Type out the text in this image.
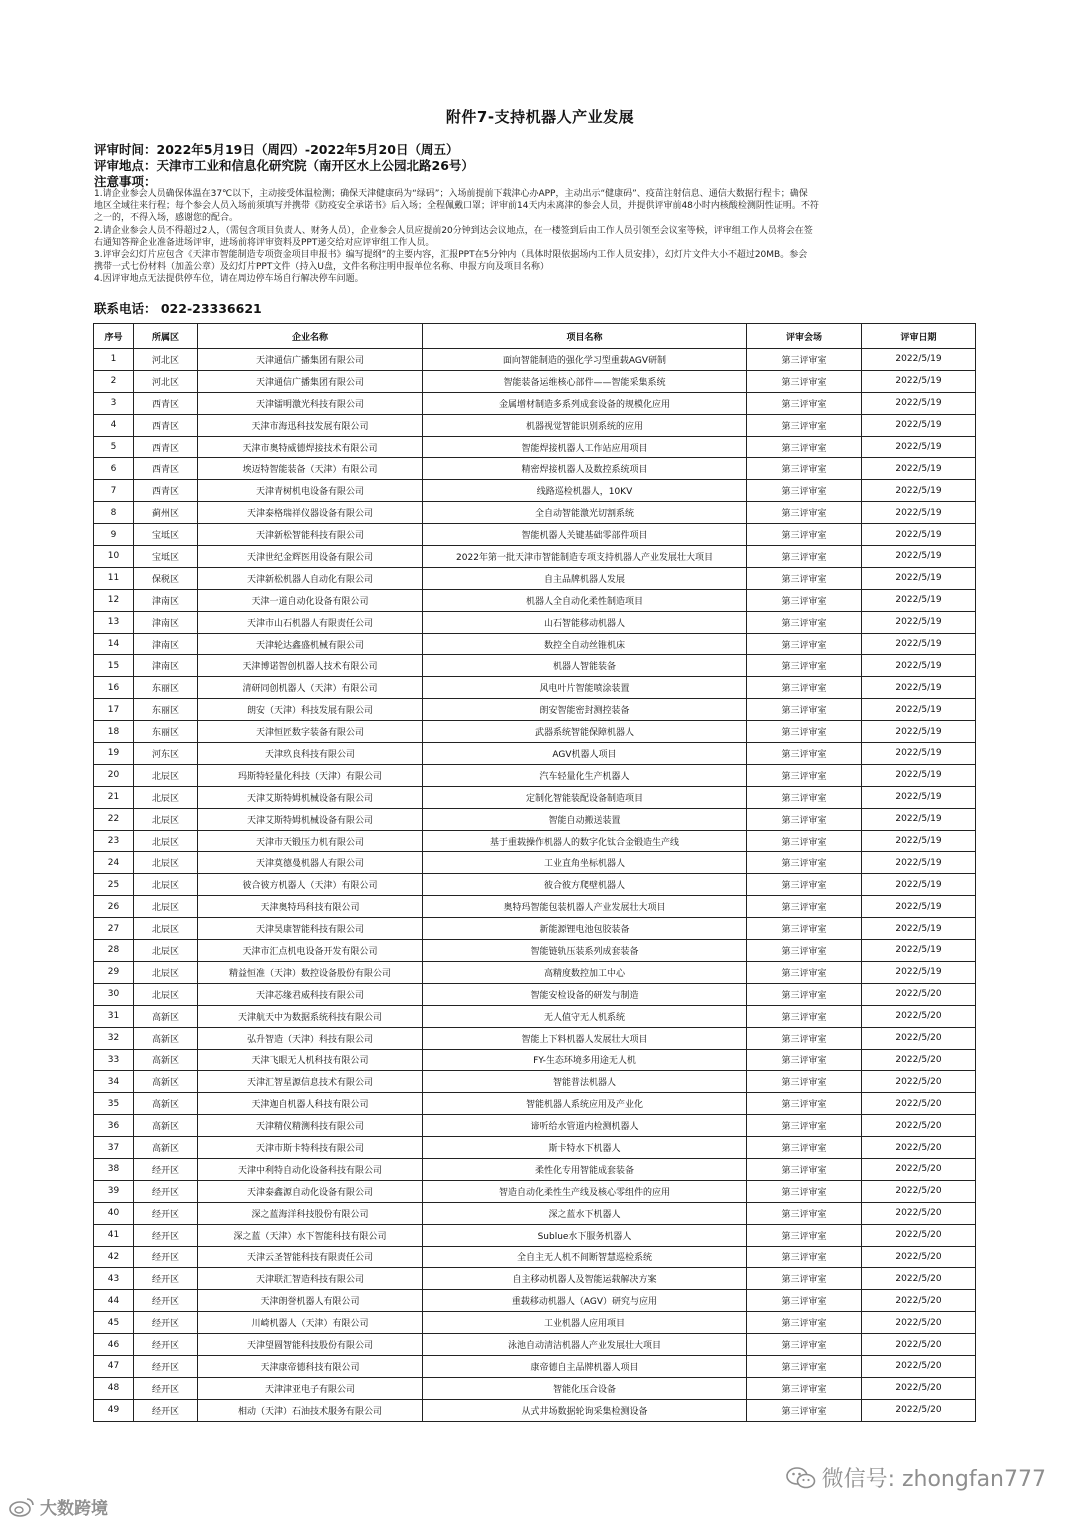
附件7-支持机器人产业发展
评审时间：2022年5月19日（周四）-2022年5月20日（周五）
评审地点：天津市工业和信息化研究院（南开区水上公园北路26号）
注意事项：

1.请企业参会人员确保体温在37℃以下，主动接受体温检测；确保天津健康码为“绿码”；入场前提前下载津心办APP，主动出示“健康码”、疫苗注射信息、通信大数据行程卡；确保

地区全域往来行程；每个参会人员入场前须填写并携带《防疫安全承诺书》后入场；全程佩戴口罩；评审前14天内未离津的参会人员，并提供评审前48小时内核酸检测阴性证明。不符

之一的，不得入场，感谢您的配合。

2.请企业参会人员不得超过2人，（需包含项目负责人、财务人员），企业参会人员应提前20分钟到达会议地点，在一楼签到后由工作人员引领至会议室等候，评审组工作人员将会在签

右通知答辩企业准备进场评审，进场前将评审资料及PPT递交给对应评审组工作人员。

3.评审会幻灯片应包含《天津市智能制造专项资金项目申报书》编写提纲”的主要内容，汇报PPT在5分钟内（具体时限依据场内工作人员安排），幻灯片文件大小不超过20MB。参会

携带一式七份材料（加盖公章）及幻灯片PPT文件（持入U盘，文件名称注明申报单位名称、申报方向及项目名称）

4.因评审地点无法提供停车位，请在周边停车场自行解决停车问题。

联系电话： 022-23336621
序号	所属区	企业名称	项目名称	评审会场	评审日期
1	河北区	天津通信广播集团有限公司	面向智能制造的强化学习型重载AGV研制	第三评审室	2022/5/19
2	河北区	天津通信广播集团有限公司	智能装备运维核心部件——智能采集系统	第三评审室	2022/5/19
3	西青区	天津镭明激光科技有限公司	金属增材制造多系列成套设备的规模化应用	第三评审室	2022/5/19
4	西青区	天津市海迅科技发展有限公司	机器视觉智能识别系统的应用	第三评审室	2022/5/19
5	西青区	天津市奥特威德焊接技术有限公司	智能焊接机器人工作站应用项目	第三评审室	2022/5/19
6	西青区	埃迈特智能装备（天津）有限公司	精密焊接机器人及数控系统项目	第三评审室	2022/5/19
7	西青区	天津青树机电设备有限公司	线路巡检机器人，10KV	第三评审室	2022/5/19
8	蓟州区	天津泰格瑞祥仪器设备有限公司	全自动智能激光切割系统	第三评审室	2022/5/19
9	宝坻区	天津新松智能科技有限公司	智能机器人关键基础零部件项目	第三评审室	2022/5/19
10	宝坻区	天津世纪金辉医用设备有限公司	2022年第一批天津市智能制造专项支持机器人产业发展壮大项目	第三评审室	2022/5/19
11	保税区	天津新松机器人自动化有限公司	自主品牌机器人发展	第三评审室	2022/5/19
12	津南区	天津一道自动化设备有限公司	机器人全自动化柔性制造项目	第三评审室	2022/5/19
13	津南区	天津市山石机器人有限责任公司	山石智能移动机器人	第三评审室	2022/5/19
14	津南区	天津轮达鑫盛机械有限公司	数控全自动丝锥机床	第三评审室	2022/5/19
15	津南区	天津博诺智创机器人技术有限公司	机器人智能装备	第三评审室	2022/5/19
16	东丽区	清研同创机器人（天津）有限公司	风电叶片智能喷涂装置	第三评审室	2022/5/19
17	东丽区	朗安（天津）科技发展有限公司	朗安智能密封测控装备	第三评审室	2022/5/19
18	东丽区	天津恒匠数字装备有限公司	武器系统智能保障机器人	第三评审室	2022/5/19
19	河东区	天津玖良科技有限公司	AGV机器人项目	第三评审室	2022/5/19
20	北辰区	玛斯特轻量化科技（天津）有限公司	汽车轻量化生产机器人	第三评审室	2022/5/19
21	北辰区	天津艾斯特姆机械设备有限公司	定制化智能装配设备制造项目	第三评审室	2022/5/19
22	北辰区	天津艾斯特姆机械设备有限公司	智能自动搬送装置	第三评审室	2022/5/19
23	北辰区	天津市天锻压力机有限公司	基于重载操作机器人的数字化钛合金锻造生产线	第三评审室	2022/5/19
24	北辰区	天津莫德曼机器人有限公司	工业直角坐标机器人	第三评审室	2022/5/19
25	北辰区	彼合彼方机器人（天津）有限公司	彼合彼方爬壁机器人	第三评审室	2022/5/19
26	北辰区	天津奥特玛科技有限公司	奥特玛智能包装机器人产业发展壮大项目	第三评审室	2022/5/19
27	北辰区	天津昊康智能科技有限公司	新能源锂电池包胶装备	第三评审室	2022/5/19
28	北辰区	天津市汇点机电设备开发有限公司	智能链轨压装系列成套装备	第三评审室	2022/5/19
29	北辰区	精益恒准（天津）数控设备股份有限公司	高精度数控加工中心	第三评审室	2022/5/19
30	北辰区	天津芯缘君威科技有限公司	智能安检设备的研发与制造	第三评审室	2022/5/20
31	高新区	天津航天中为数据系统科技有限公司	无人值守无人机系统	第三评审室	2022/5/20
32	高新区	弘升智造（天津）科技有限公司	智能上下料机器人发展壮大项目	第三评审室	2022/5/20
33	高新区	天津飞眼无人机科技有限公司	FY-生态环境多用途无人机	第三评审室	2022/5/20
34	高新区	天津汇智星源信息技术有限公司	智能普法机器人	第三评审室	2022/5/20
35	高新区	天津迦自机器人科技有限公司	智能机器人系统应用及产业化	第三评审室	2022/5/20
36	高新区	天津精仪精测科技有限公司	谛听给水管道内检测机器人	第三评审室	2022/5/20
37	高新区	天津市斯卡特科技有限公司	斯卡特水下机器人	第三评审室	2022/5/20
38	经开区	天津中利特自动化设备科技有限公司	柔性化专用智能成套装备	第三评审室	2022/5/20
39	经开区	天津泰鑫源自动化设备有限公司	智造自动化柔性生产线及核心零组件的应用	第三评审室	2022/5/20
40	经开区	深之蓝海洋科技股份有限公司	深之蓝水下机器人	第三评审室	2022/5/20
41	经开区	深之蓝（天津）水下智能科技有限公司	Sublue水下服务机器人	第三评审室	2022/5/20
42	经开区	天津云圣智能科技有限责任公司	全自主无人机不间断智慧巡检系统	第三评审室	2022/5/20
43	经开区	天津联汇智造科技有限公司	自主移动机器人及智能运载解决方案	第三评审室	2022/5/20
44	经开区	天津朗誉机器人有限公司	重载移动机器人（AGV）研究与应用	第三评审室	2022/5/20
45	经开区	川崎机器人（天津）有限公司	工业机器人应用项目	第三评审室	2022/5/20
46	经开区	天津望圆智能科技股份有限公司	泳池自动清洁机器人产业发展壮大项目	第三评审室	2022/5/20
47	经开区	天津康帝德科技有限公司	康帝德自主品牌机器人项目	第三评审室	2022/5/20
48	经开区	天津津亚电子有限公司	智能化压合设备	第三评审室	2022/5/20
49	经开区	相动（天津）石油技术服务有限公司	从式井场数据轮询采集检测设备	第三评审室	2022/5/20
微信号: zhongfan777
大数跨境
